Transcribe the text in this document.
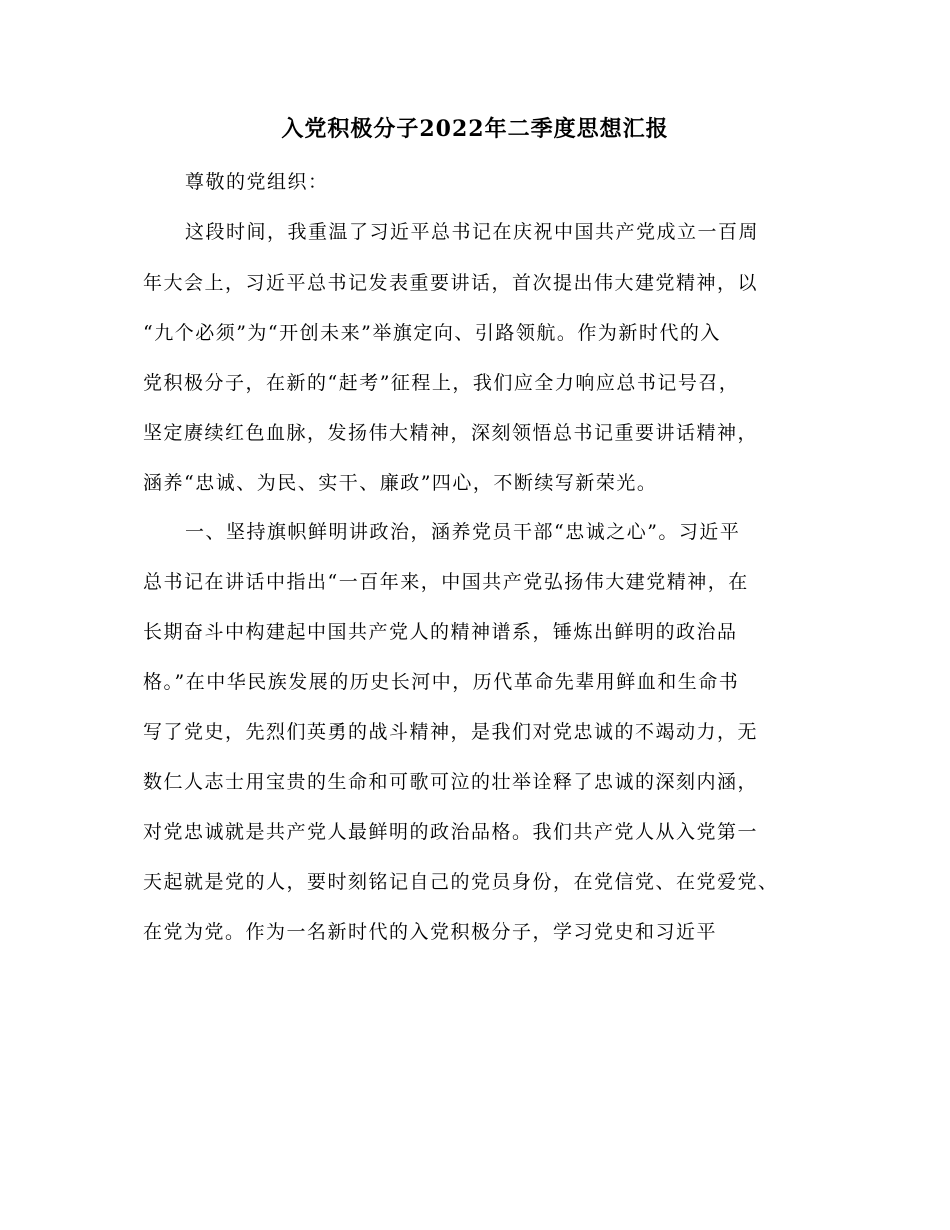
入党积极分子2022年二季度思想汇报

尊敬的党组织：

这段时间，我重温了习近平总书记在庆祝中国共产党成立一百周

年大会上，习近平总书记发表重要讲话，首次提出伟大建党精神，以

“九个必须”为“开创未来”举旗定向、引路领航。作为新时代的入

党积极分子，在新的“赶考”征程上，我们应全力响应总书记号召，

坚定赓续红色血脉，发扬伟大精神，深刻领悟总书记重要讲话精神，

涵养“忠诚、为民、实干、廉政”四心，不断续写新荣光。

一、坚持旗帜鲜明讲政治，涵养党员干部“忠诚之心”。习近平

总书记在讲话中指出“一百年来，中国共产党弘扬伟大建党精神，在

长期奋斗中构建起中国共产党人的精神谱系，锤炼出鲜明的政治品

格。”在中华民族发展的历史长河中，历代革命先辈用鲜血和生命书

写了党史，先烈们英勇的战斗精神，是我们对党忠诚的不竭动力，无

数仁人志士用宝贵的生命和可歌可泣的壮举诠释了忠诚的深刻内涵，

对党忠诚就是共产党人最鲜明的政治品格。我们共产党人从入党第一

天起就是党的人，要时刻铭记自己的党员身份，在党信党、在党爱党、

在党为党。作为一名新时代的入党积极分子，学习党史和习近平
